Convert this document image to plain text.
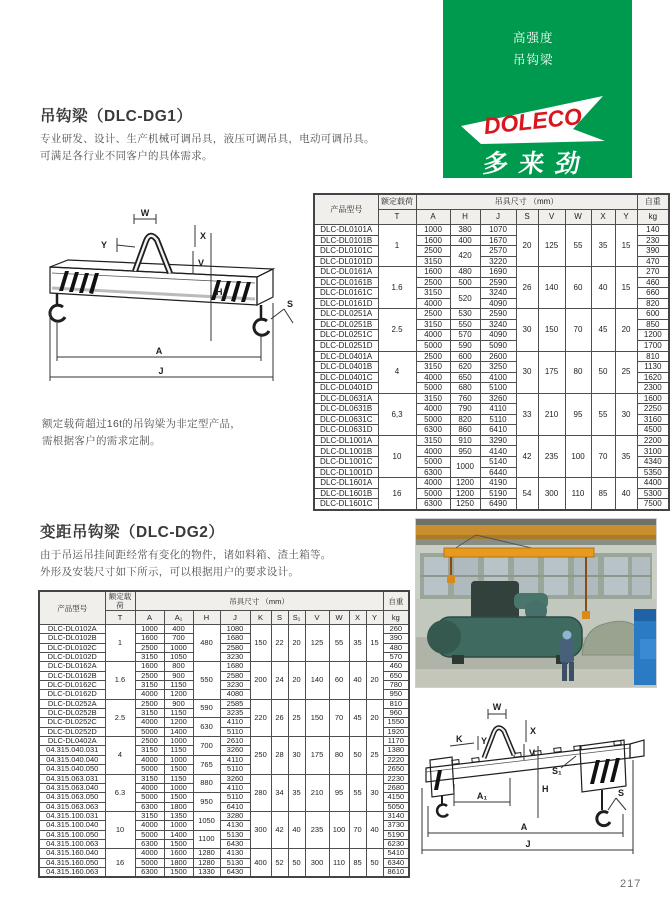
高强度
吊钩梁
DOLECO
多来劲
吊钩梁（DLC-DG1）
专业研发、设计、生产机械可调吊具，液压可调吊具，电动可调吊具。
可满足各行业不同客户的具体需求。
W
X
Y
V
H
S
A
J
额定载荷超过16t的吊钩梁为非定型产品，
需根据客户的需求定制。
产品型号	额定载荷	吊具尺寸 （mm）								自重
	T	A	H	J	S	V	W	X	Y	kg
DLC-DL0101A	1	1000	380	1070	20	125	55	35	15	140
DLC-DL0101B		1600	400	1670						230
DLC-DL0101C		2500	420	2570						390
DLC-DL0101D		3150		3220						470
DLC-DL0161A	1.6	1600	480	1690	26	140	60	40	15	270
DLC-DL0161B		2500	500	2590						460
DLC-DL0161C		3150	520	3240						660
DLC-DL0161D		4000		4090						820
DLC-DL0251A	2.5	2500	530	2590	30	150	70	45	20	600
DLC-DL0251B		3150	550	3240						850
DLC-DL0251C		4000	570	4090						1200
DLC-DL0251D		5000	590	5090						1700
DLC-DL0401A	4	2500	600	2600	30	175	80	50	25	810
DLC-DL0401B		3150	620	3250						1130
DLC-DL0401C		4000	650	4100						1620
DLC-DL0401D		5000	680	5100						2300
DLC-DL0631A	6,3	3150	760	3260	33	210	95	55	30	1600
DLC-DL0631B		4000	790	4110						2250
DLC-DL0631C		5000	820	5110						3160
DLC-DL0631D		6300	860	6410						4500
DLC-DL1001A	10	3150	910	3290	42	235	100	70	35	2200
DLC-DL1001B		4000	950	4140						3100
DLC-DL1001C		5000	1000	5140						4340
DLC-DL1001D		6300		6440						5350
DLC-DL1601A	16	4000	1200	4190	54	300	110	85	40	4400
DLC-DL1601B		5000	1200	5190						5300
DLC-DL1601C		6300	1250	6490						7500
变距吊钩梁（DLC-DG2）
由于吊运吊挂间距经常有变化的物件，诸如料箱、渣土箱等。
外形及安装尺寸如下所示，可以根据用户的要求设计。
产品型号	额定载荷	吊具尺寸 （mm）											自重
	T	A	A₁	H	J	K	S	S₁	V	W	X	Y	kg
DLC-DL0102A	1	1000	400	480	1080	150	22	20	125	55	35	15	260
DLC-DL0102B		1600	700		1680								390
DLC-DL0102C		2500	1000		2580								480
DLC-DL0102D		3150	1050		3230								570
DLC-DL0162A	1.6	1600	800	550	1680	200	24	20	140	60	40	20	460
DLC-DL0162B		2500	900		2580								650
DLC-DL0162C		3150	1150		3230								780
DLC-DL0162D		4000	1200		4080								950
DLC-DL0252A	2.5	2500	900	590	2585	220	26	25	150	70	45	20	810
DLC-DL0252B		3150	1150		3235								960
DLC-DL0252C		4000	1200	630	4110								1550
DLC-DL0252D		5000	1400		5110								1920
DLC-DL0402A	4	2500	1000	700	2610	250	28	30	175	80	50	25	1170
04.315.040.031		3150	1150		3260								1380
04.315.040.040		4000	1000	765	4110								2220
04.315.040.050		5000	1500		5110								2650
04.315.063.031	6.3	3150	1150	880	3260	280	34	35	210	95	55	30	2230
04.315.063.040		4000	1000		4110								2680
04.315.063.050		5000	1500	950	5110								4150
04.315.063.063		6300	1800		6410								5050
04.315.100.031	10	3150	1350	1050	3280	300	42	40	235	100	70	40	3140
04.315.100.040		4000	1000		4130								3730
04.315.100.050		5000	1400	1100	5130								5190
04.315.100.063		6300	1500		6430								6230
04.315.160.040	16	4000	1600	1280	4130	400	52	50	300	110	85	50	5410
04.315.160.050		5000	1800	1280	5130								6340
04.315.160.063		6300	1500	1330	6430								8610
W
X
K Y
V
S₁
H
A₁	S
A
J
217
